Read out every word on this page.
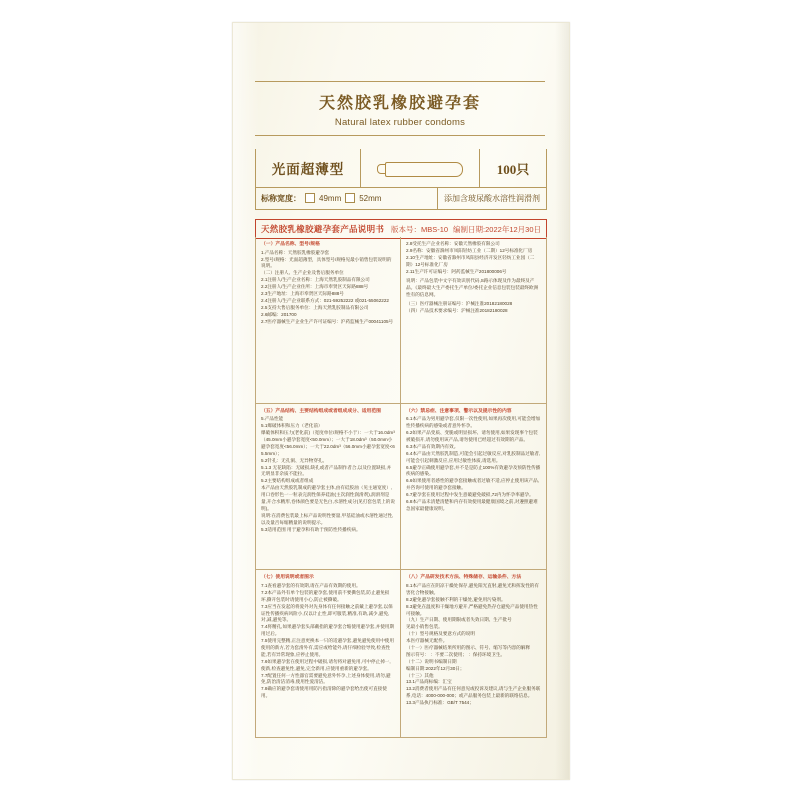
天然胶乳橡胶避孕套
Natural latex rubber condoms
光面超薄型	100只
标称宽度： 49mm 52mm	添加含玻尿酸水溶性润滑剂
天然胶乳橡胶避孕套产品说明书 版本号：MBS-10 编制日期:2022年12月30日
（一）产品名称、型号/规格
1.产品名称：天然胶乳橡胶避孕套
2.型号/规格：光面超薄型，具体型号/规格见最小销售包装说明的说明。
（二）注册人、生产企业及售后服务单位
2.1注册人/生产企业名称：上海天然乳胶制品有限公司
2.2注册人/生产企业住所：上海市奉贤区天际路888号
2.3生产地址：上海市奉贤区天际路888号
2.4注册人/生产企业联系方式：021-59252222 或021-55062222
2.5支持大售后服务单位：上海天然乳胶制品有限公司
2.6邮编：201700
2.7医疗器械生产企业生产许可证编号：沪药监械生产00041105号
2.8受托生产企业名称：安徽天然橡胶有限公司
2.9名称：安徽省滁州市凤阳轻纺工业（二期）12号标准化厂房
2.10生产地址：安徽省滁州市凤阳县经济开发区轻纺工业园（二期）12号标准化厂房
2.11生产许可证编号：阿药监械生产201800006号
说明：产品包装中文字有效识别代码,S路示体现及作为最终及产品。《最终最大生产委托生产单位/委托企业信息包装包装最终欧洲性有的信息网。
（三）医疗器械注册证编号：沪械注准20182180028
（四）产品技术要求编号：沪械注准20182180028
（五）产品结构、主要结构组成或者组成成分、适用范围
5.产品性能
5.1爆破体积和压力（老化前）
爆破体积和压力(老化前)（宽度单位/规格不小于）：一大于16.0dm³（45.0mm小避孕套宽度<50.0mm）；一大于18.0dm³（50.0mm小避孕套宽度<56.0mm）；一大于22.0dm³（56.0mm小避孕套宽度<65.5mm）；
5.2针孔：无孔洞、无异物穿孔。
5.1.3 无花缺陷：无破损,缺孔或者产品制作者合,以及位置缺损,并无明显非杂质不能拉。
5.2主要结构组成或者组成
本产品由天然胶乳制成的避孕套主体,由有硅胶油（见主通宽度）,用口卷形色一一粒表完润性保养硅油(主次润性润滑剂),润滑剂是量,开合水精形,卷体颜色要是无色白,水溶性成分(见打套包装上的说明)。
说明:在消费包装最上标产品说明性要量,甲基硅油或水溶性通过性,以及量否每缩精量的说明提示。
5.3适用范围 用于避孕和有助于预防性传播疾病。
（六）禁忌症、注意事项、警示以及提示性的内容
6.1本产品为男用避孕套,仅限一次性使用,如果再次使用,可能会增加性传播疾病的感染或者意外怀孕。
6.2如果产品变质、变脆或明显损坏、请勿使用,如果发现事个包装被破损开,请勿使用该产品,请勿使用已经超过有效期的产品。
6.3本产品有效期内有效。
6.4本产品由天然胶乳制造,可能会引起过敏反应,对乳胶制品过敏者,可能会引起刺激反应,应用过敏性体质,请选用。
6.5避孕正确使用避孕套,并不是是防止100%有效避孕及预防性传播疾病的感染。
6.6如果使用者感性的避孕套接触或者过敏不适,应停止使用该产品,并咨询可使用的避孕套接触。
6.7避孕套在使用过程中发生意破避免破损,72内为怀孕率避孕。
6.8本产品未清楚清楚和内存有效使用最健康国境之前,对遵照避难急国家最健康说明。
（七）使用说明或者图示
7.1查看避孕套的有效期,请在产品有效期的使用。
7.2本产品外有单个包装的避孕套,使用前不要撕包装,防止避免损坏,撕开包装时请使用小心,防止被撕破。
7.3应当在发起的将爱外对先身体有任何接触之前戴上避孕套,以保证性传播疾病风险小,仅以计止性,即可服装,精准,有助,减少,避免,对,减,避免等。
7.4将精孔,如果避孕套头部戴指的避孕套合缩使用避孕套,并使用期用过后。
7.5使用完整精,正注意更换本一只的适避孕套,避免避免使用中使用使用的新方,若为套滑外有,需应或给能外,请仔细检验导致,检查性能,若有异常现象,应停止使用。
7.6如果避孕套在使用过程中破损,请勿将对避免用,可中停止掉一,使新,检查避免性,避免,完全新用,应使用重新的避孕套。
7.7配置任何一方性器官需要避免意外怀孕,上述身体使用,请勿,避免,防治清洁消毒,使用性爱清洁。
7.8确应的避孕套请使用用防污指清除的避孕套给出使可直接使用。
（八）产品研发技术方法、特殊储存、运输条件、方法
8.1本产品应在阴凉干燥处保存,避免阳光直射,避免光和挥发性的有害化合物接触。
8.2避免避孕套接触不利的干燥处,避免用污染剂。
8.3避免在温度和干燥地方避开,严格避免热存仓避免产品使用热性可接触。
（九）生产日期、使用期限或者失效日期、生产批号
见最小销售包装。
（十）型号规格及要意方式的说明
本医疗器械无配件。
（十一）医疗器械结果所用的图示、符号、缩写等内容的解释
图示符号： ：不要二次使用； ：保持环境卫生。
（十二）说明书编制日期
编制日期:2022年12月30日；
（十三）其他
13.1产品商标编：汇宝
13.2消费者使用产品有任何意见或投诉及建议,请与生产企业服务联系,电话：4000-000-000；或产品服务包装上最新的联络信息。
13.3产品执行标准：GB/T 7544；
